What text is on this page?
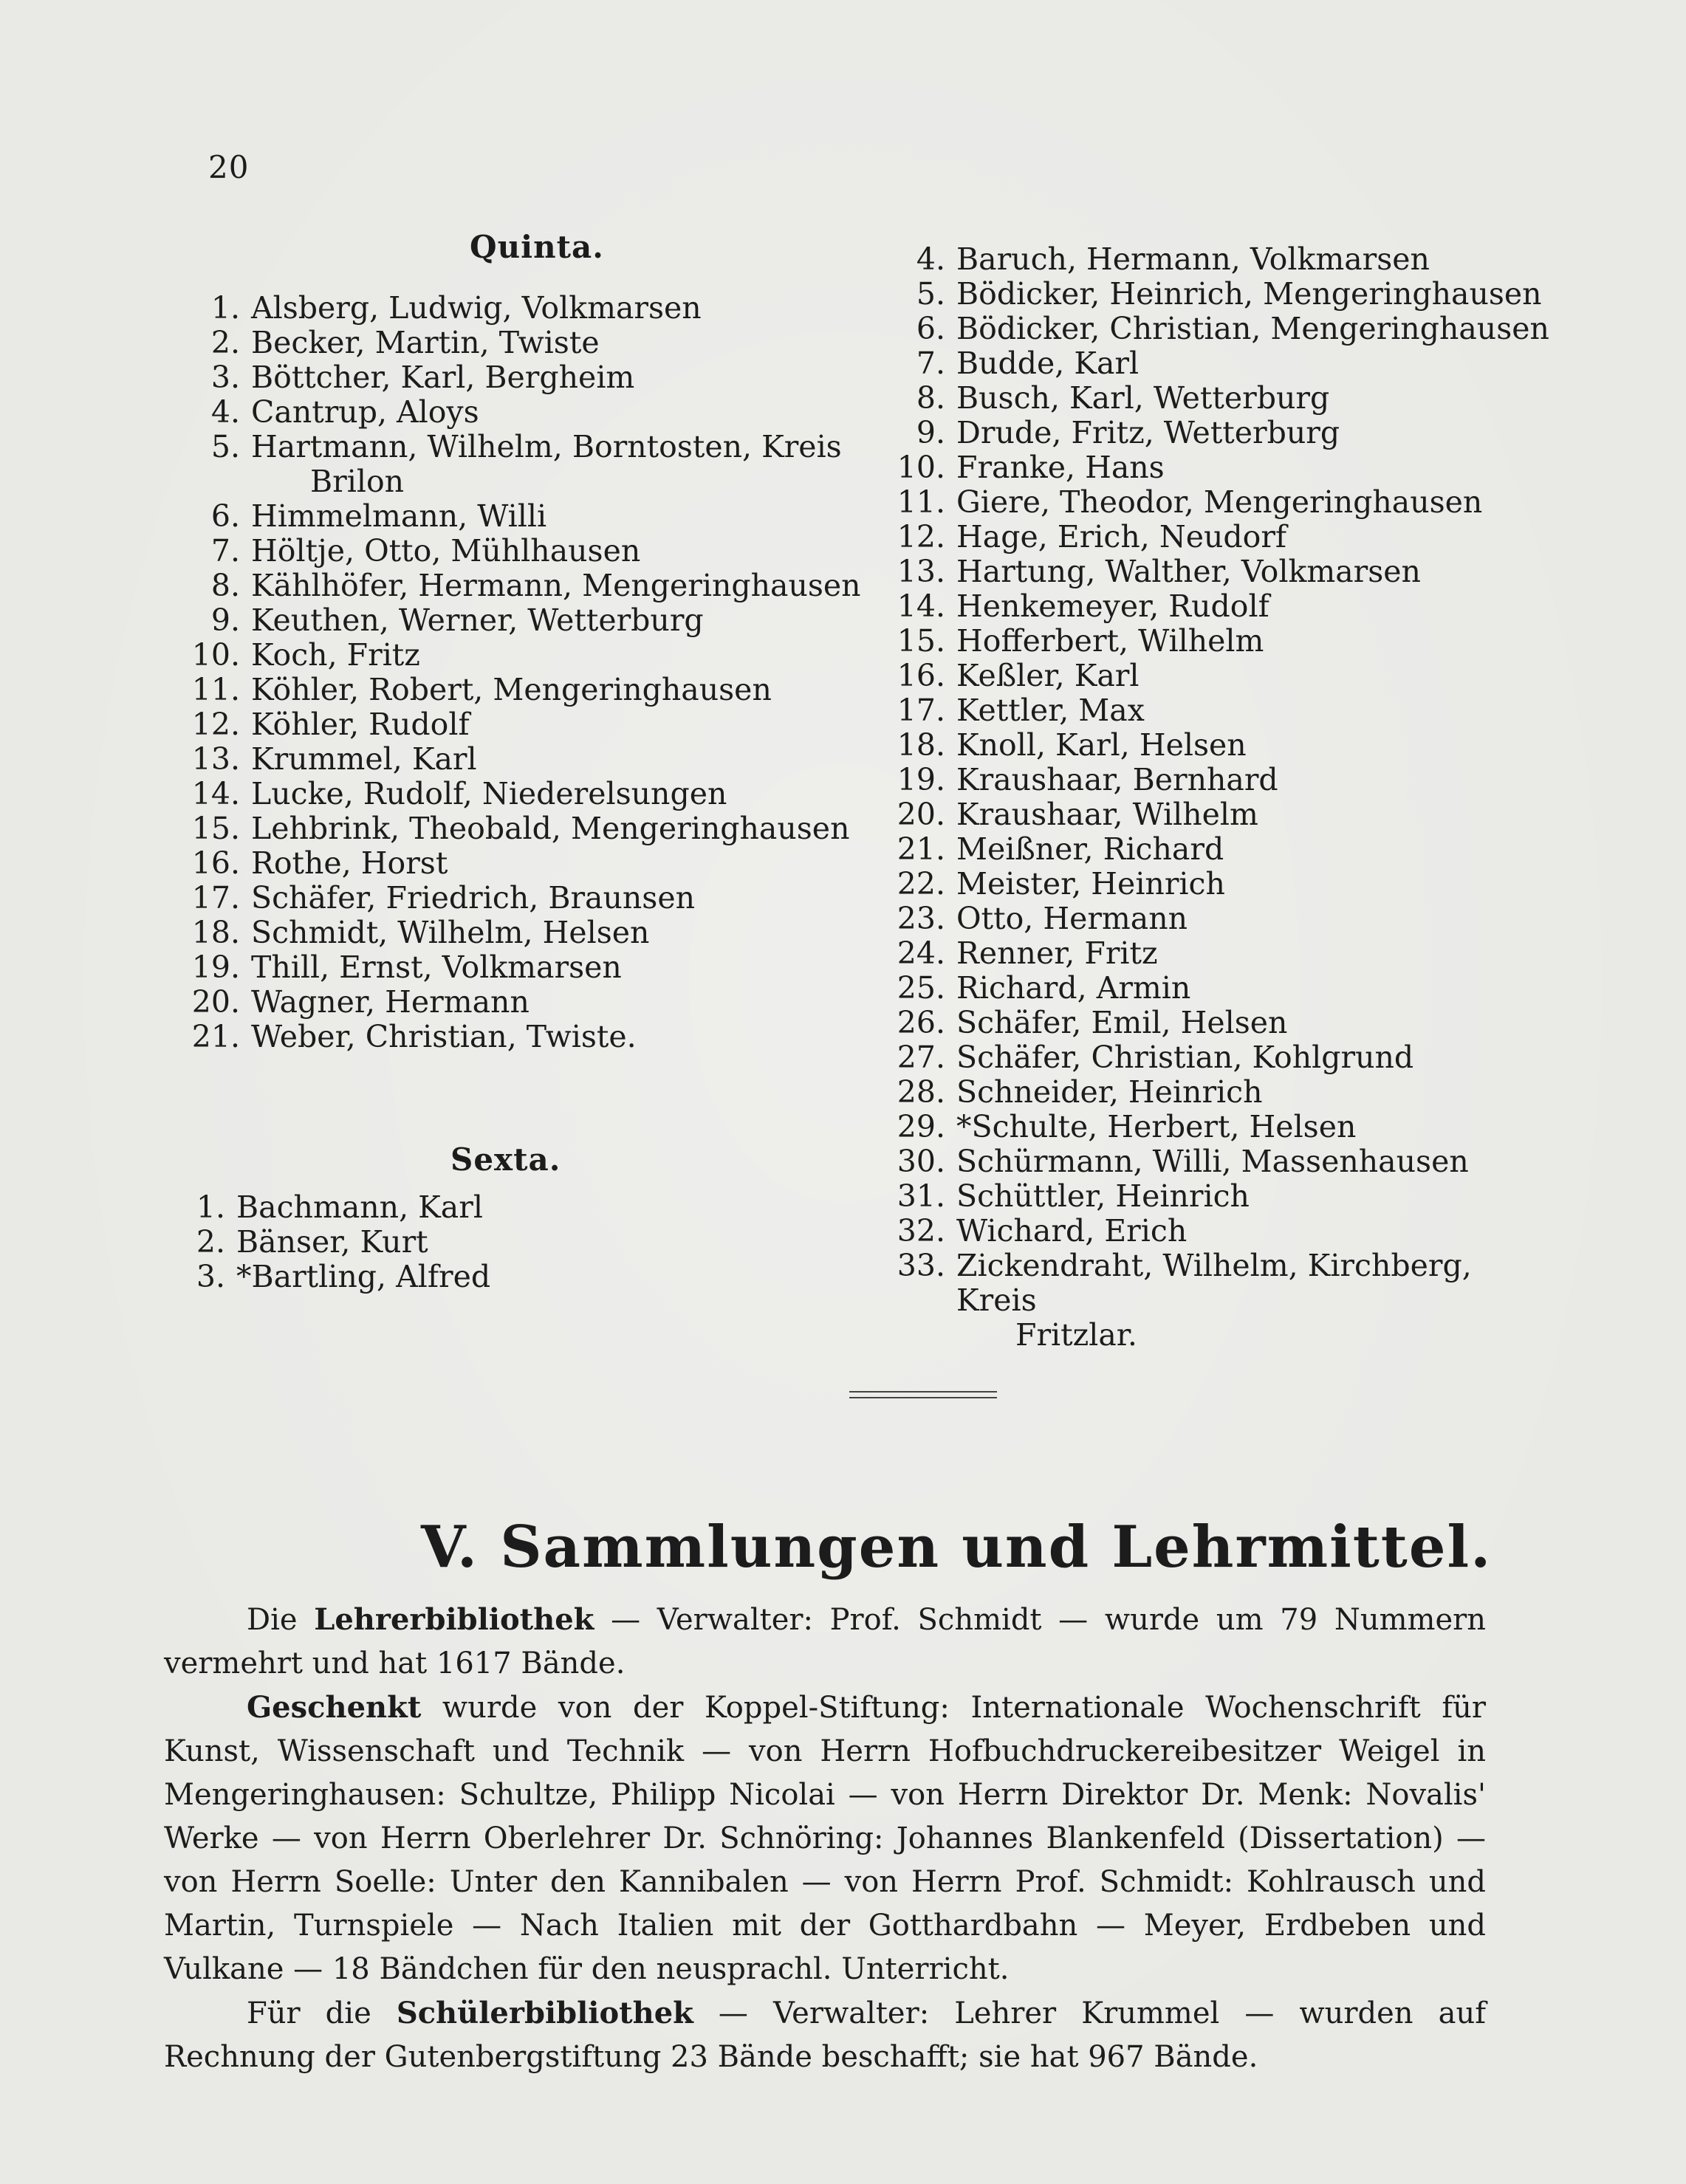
20
Quinta.
1. Alsberg, Ludwig, Volkmarsen
2. Becker, Martin, Twiste
3. Böttcher, Karl, Bergheim
4. Cantrup, Aloys
5. Hartmann, Wilhelm, Borntosten, Kreis
Brilon
6. Himmelmann, Willi
7. Höltje, Otto, Mühlhausen
8. Kählhöfer, Hermann, Mengeringhausen
9. Keuthen, Werner, Wetterburg
10. Koch, Fritz
11. Köhler, Robert, Mengeringhausen
12. Köhler, Rudolf
13. Krummel, Karl
14. Lucke, Rudolf, Niederelsungen
15. Lehbrink, Theobald, Mengeringhausen
16. Rothe, Horst
17. Schäfer, Friedrich, Braunsen
18. Schmidt, Wilhelm, Helsen
19. Thill, Ernst, Volkmarsen
20. Wagner, Hermann
21. Weber, Christian, Twiste.
Sexta.
1. Bachmann, Karl
2. Bänser, Kurt
3. *Bartling, Alfred
4. Baruch, Hermann, Volkmarsen
5. Bödicker, Heinrich, Mengeringhausen
6. Bödicker, Christian, Mengeringhausen
7. Budde, Karl
8. Busch, Karl, Wetterburg
9. Drude, Fritz, Wetterburg
10. Franke, Hans
11. Giere, Theodor, Mengeringhausen
12. Hage, Erich, Neudorf
13. Hartung, Walther, Volkmarsen
14. Henkemeyer, Rudolf
15. Hofferbert, Wilhelm
16. Keßler, Karl
17. Kettler, Max
18. Knoll, Karl, Helsen
19. Kraushaar, Bernhard
20. Kraushaar, Wilhelm
21. Meißner, Richard
22. Meister, Heinrich
23. Otto, Hermann
24. Renner, Fritz
25. Richard, Armin
26. Schäfer, Emil, Helsen
27. Schäfer, Christian, Kohlgrund
28. Schneider, Heinrich
29. *Schulte, Herbert, Helsen
30. Schürmann, Willi, Massenhausen
31. Schüttler, Heinrich
32. Wichard, Erich
33. Zickendraht, Wilhelm, Kirchberg, Kreis
Fritzlar.
V. Sammlungen und Lehrmittel.

Die Lehrerbibliothek — Verwalter: Prof. Schmidt — wurde um 79 Nummern vermehrt und hat 1617 Bände.

Geschenkt wurde von der Koppel-Stiftung: Internationale Wochenschrift für Kunst, Wissenschaft und Technik — von Herrn Hofbuchdruckereibesitzer Weigel in Mengeringhausen: Schultze, Philipp Nicolai — von Herrn Direktor Dr. Menk: Novalis' Werke — von Herrn Oberlehrer Dr. Schnöring: Johannes Blankenfeld (Dissertation) — von Herrn Soelle: Unter den Kannibalen — von Herrn Prof. Schmidt: Kohlrausch und Martin, Turnspiele — Nach Italien mit der Gotthardbahn — Meyer, Erdbeben und Vulkane — 18 Bändchen für den neusprachl. Unterricht.

Für die Schülerbibliothek — Verwalter: Lehrer Krummel — wurden auf Rechnung der Gutenbergstiftung 23 Bände beschafft; sie hat 967 Bände.
